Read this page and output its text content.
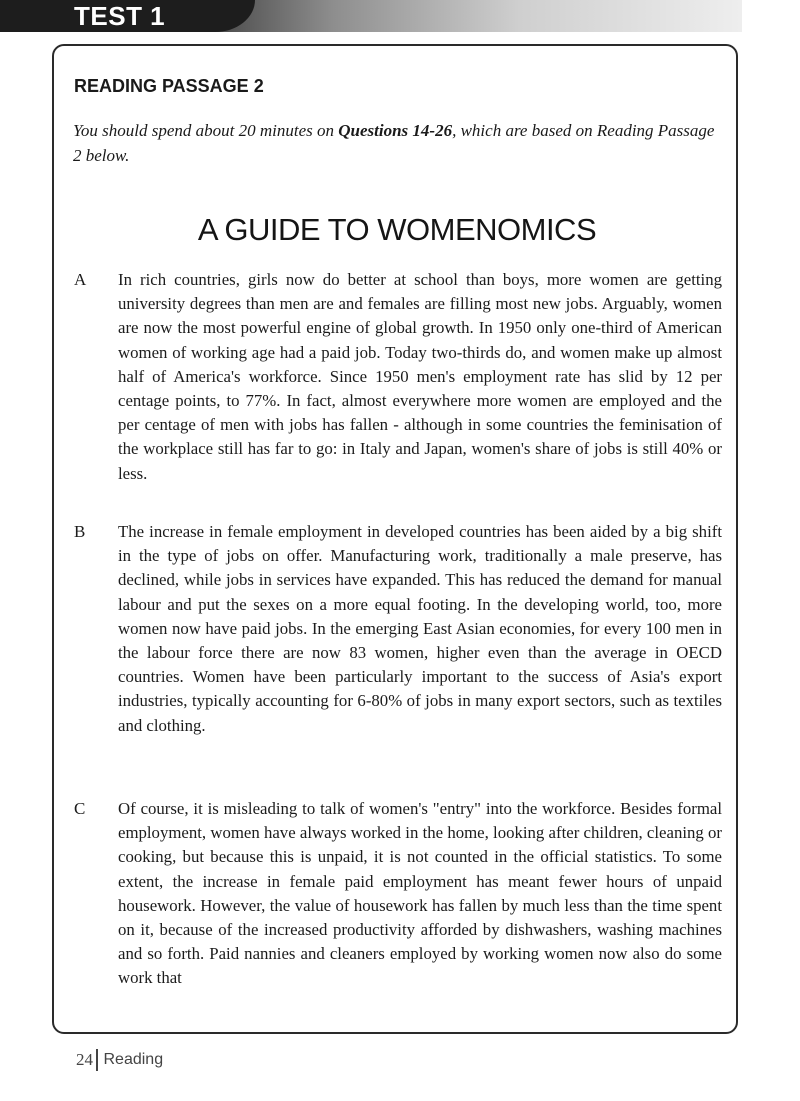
TEST 1
READING PASSAGE 2
You should spend about 20 minutes on Questions 14-26, which are based on Reading Passage 2 below.
A GUIDE TO WOMENOMICS
A In rich countries, girls now do better at school than boys, more women are getting university degrees than men are and females are filling most new jobs. Arguably, women are now the most powerful engine of global growth. In 1950 only one-third of American women of working age had a paid job. Today two-thirds do, and women make up almost half of America's workforce. Since 1950 men's employment rate has slid by 12 per centage points, to 77%. In fact, almost everywhere more women are employed and the per centage of men with jobs has fallen - although in some countries the feminisation of the workplace still has far to go: in Italy and Japan, women's share of jobs is still 40% or less.
B The increase in female employment in developed countries has been aided by a big shift in the type of jobs on offer. Manufacturing work, traditionally a male preserve, has declined, while jobs in services have expanded. This has reduced the demand for manual labour and put the sexes on a more equal footing. In the developing world, too, more women now have paid jobs. In the emerging East Asian economies, for every 100 men in the labour force there are now 83 women, higher even than the average in OECD countries. Women have been particularly important to the success of Asia's export industries, typically accounting for 6-80% of jobs in many export sectors, such as textiles and clothing.
C Of course, it is misleading to talk of women's "entry" into the workforce. Besides formal employment, women have always worked in the home, looking after children, cleaning or cooking, but because this is unpaid, it is not counted in the official statistics. To some extent, the increase in female paid employment has meant fewer hours of unpaid housework. However, the value of housework has fallen by much less than the time spent on it, because of the increased productivity afforded by dishwashers, washing machines and so forth. Paid nannies and cleaners employed by working women now also do some work that
24 Reading
